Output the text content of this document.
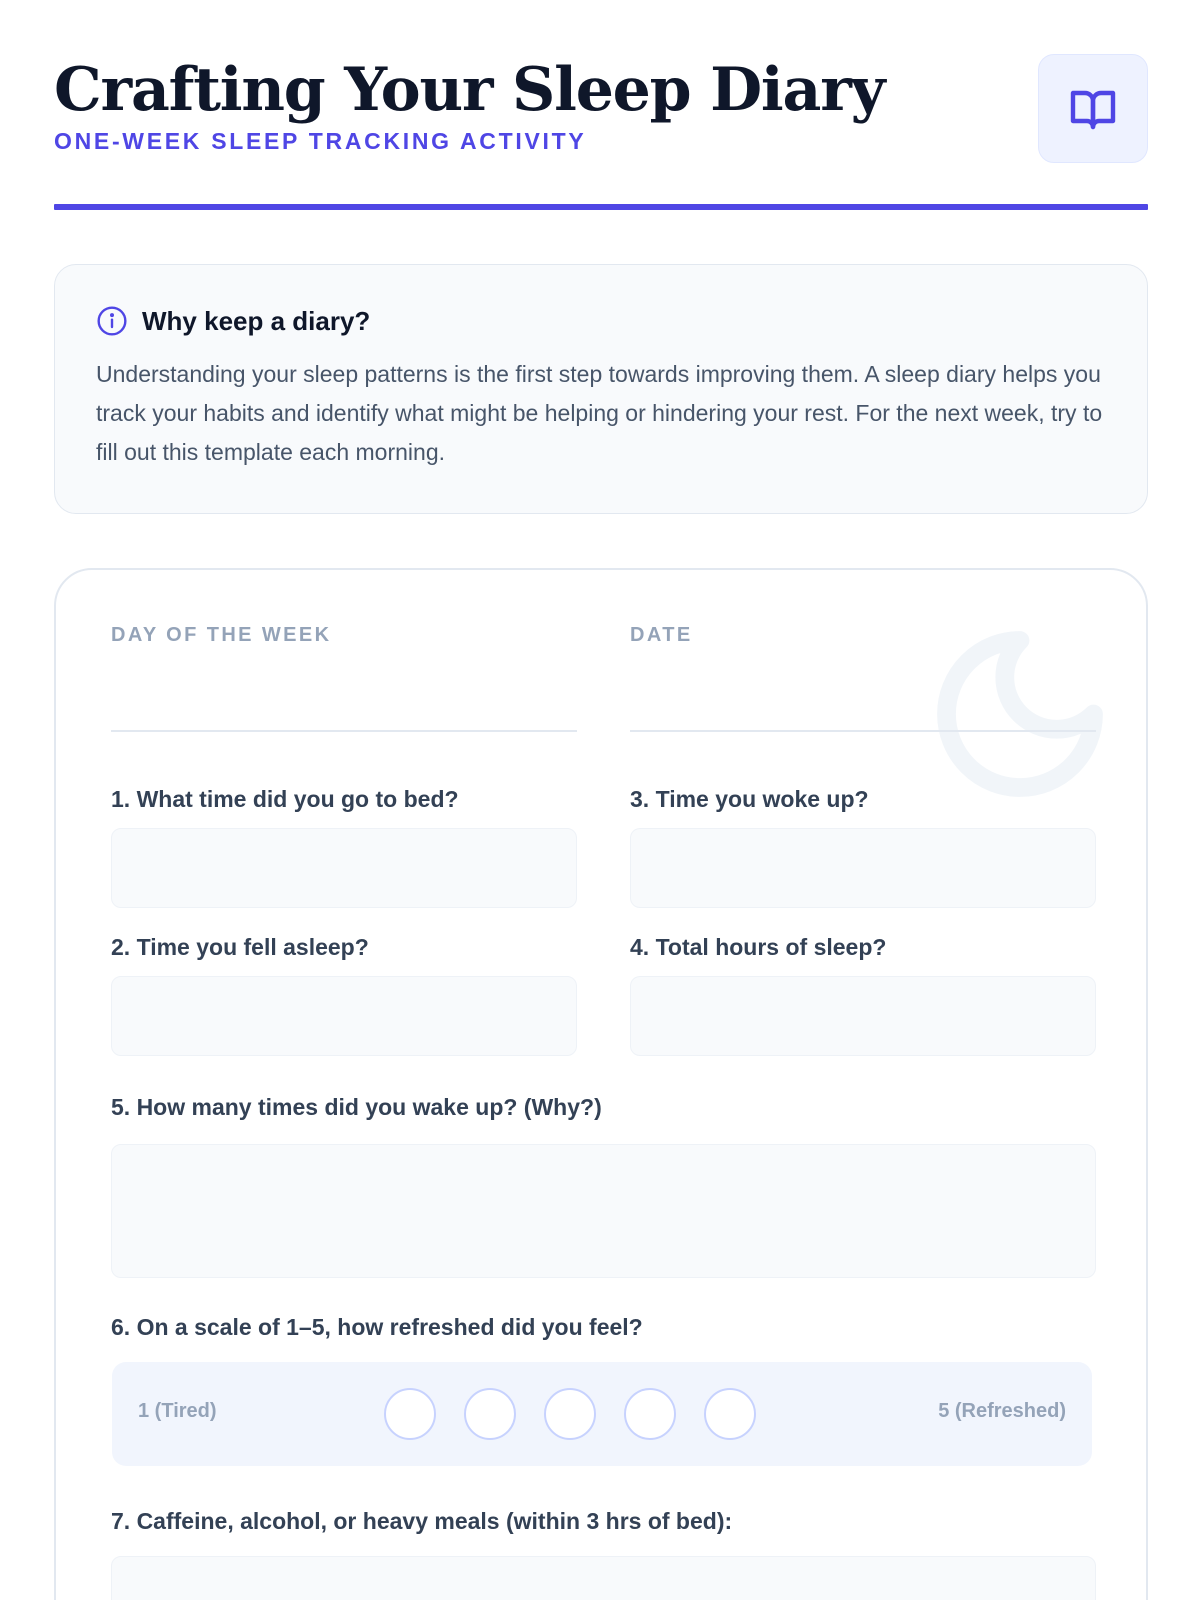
Crafting Your Sleep Diary
ONE-WEEK SLEEP TRACKING ACTIVITY
Why keep a diary?

Understanding your sleep patterns is the first step towards improving them. A sleep diary helps you track your habits and identify what might be helping or hindering your rest. For the next week, try to fill out this template each morning.

DAY OF THE WEEK	DATE
1. What time did you go to bed?	3. Time you woke up?
2. Time you fell asleep?	4. Total hours of sleep?
5. How many times did you wake up? (Why?)
6. On a scale of 1–5, how refreshed did you feel?
1 (Tired)	5 (Refreshed)
7. Caffeine, alcohol, or heavy meals (within 3 hrs of bed):
